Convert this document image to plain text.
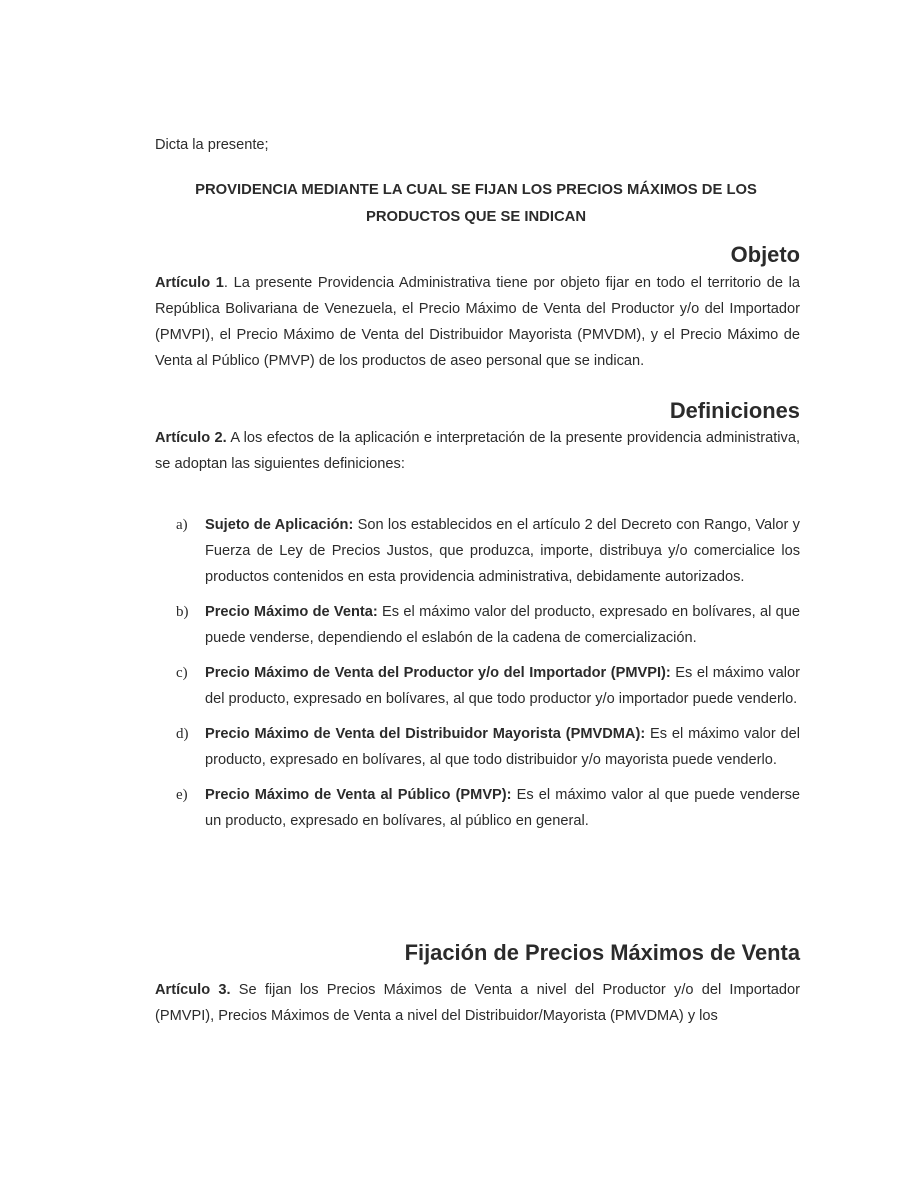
Dicta la presente;

PROVIDENCIA MEDIANTE LA CUAL SE FIJAN LOS PRECIOS MÁXIMOS DE LOS PRODUCTOS QUE SE INDICAN
Objeto

Artículo 1. La presente Providencia Administrativa tiene por objeto fijar en todo el territorio de la República Bolivariana de Venezuela, el Precio Máximo de Venta del Productor y/o del Importador (PMVPI), el Precio Máximo de Venta del Distribuidor Mayorista (PMVDM), y el Precio Máximo de Venta al Público (PMVP) de los productos de aseo personal que se indican.

Definiciones

Artículo 2. A los efectos de la aplicación e interpretación de la presente providencia administrativa, se adoptan las siguientes definiciones:

a)	Sujeto de Aplicación: Son los establecidos en el artículo 2 del Decreto con Rango, Valor y Fuerza de Ley de Precios Justos, que produzca, importe, distribuya y/o comercialice los productos contenidos en esta providencia administrativa, debidamente autorizados.
b)	Precio Máximo de Venta: Es el máximo valor del producto, expresado en bolívares, al que puede venderse, dependiendo el eslabón de la cadena de comercialización.
c)	Precio Máximo de Venta del Productor y/o del Importador (PMVPI): Es el máximo valor del producto, expresado en bolívares, al que todo productor y/o importador puede venderlo.
d)	Precio Máximo de Venta del Distribuidor Mayorista (PMVDMA): Es el máximo valor del producto, expresado en bolívares, al que todo distribuidor y/o mayorista puede venderlo.
e)	Precio Máximo de Venta al Público (PMVP): Es el máximo valor al que puede venderse un producto, expresado en bolívares, al público en general.
Fijación de Precios Máximos de Venta

Artículo 3. Se fijan los Precios Máximos de Venta a nivel del Productor y/o del Importador (PMVPI), Precios Máximos de Venta a nivel del Distribuidor/Mayorista (PMVDMA) y los
